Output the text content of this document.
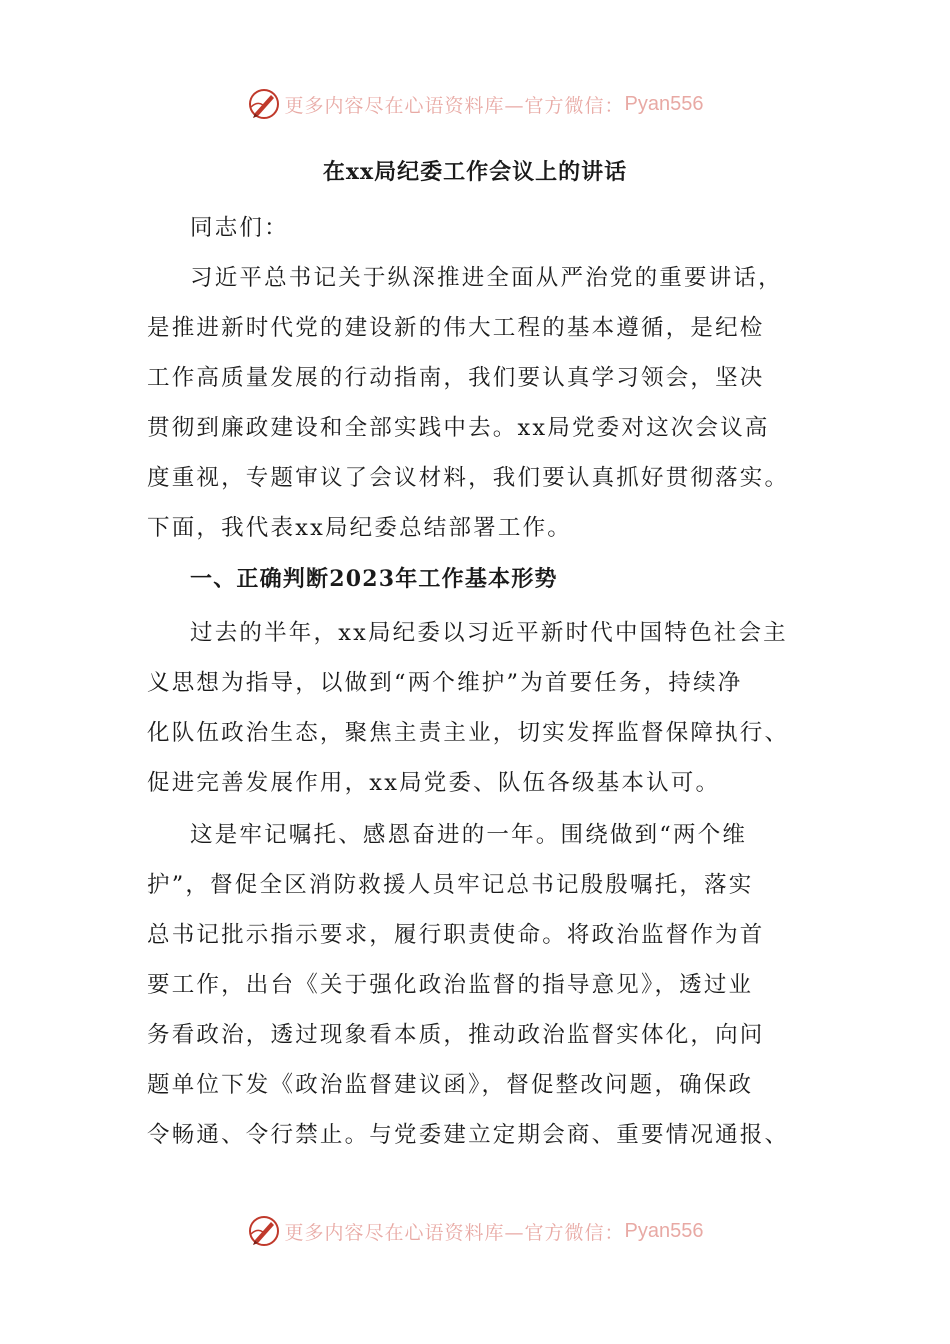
更多内容尽在心语资料库—官方微信： Pyan556
在xx局纪委工作会议上的讲话
同志们：
习近平总书记关于纵深推进全面从严治党的重要讲话，
是推进新时代党的建设新的伟大工程的基本遵循，是纪检
工作高质量发展的行动指南，我们要认真学习领会，坚决
贯彻到廉政建设和全部实践中去。xx局党委对这次会议高
度重视，专题审议了会议材料，我们要认真抓好贯彻落实。
下面，我代表xx局纪委总结部署工作。
一、正确判断2023年工作基本形势
过去的半年，xx局纪委以习近平新时代中国特色社会主
义思想为指导，以做到“两个维护”为首要任务，持续净
化队伍政治生态，聚焦主责主业，切实发挥监督保障执行、
促进完善发展作用，xx局党委、队伍各级基本认可。
这是牢记嘱托、感恩奋进的一年。围绕做到“两个维
护”，督促全区消防救援人员牢记总书记殷殷嘱托，落实
总书记批示指示要求，履行职责使命。将政治监督作为首
要工作，出台《关于强化政治监督的指导意见》，透过业
务看政治，透过现象看本质，推动政治监督实体化，向问
题单位下发《政治监督建议函》，督促整改问题，确保政
令畅通、令行禁止。与党委建立定期会商、重要情况通报、
更多内容尽在心语资料库—官方微信： Pyan556
